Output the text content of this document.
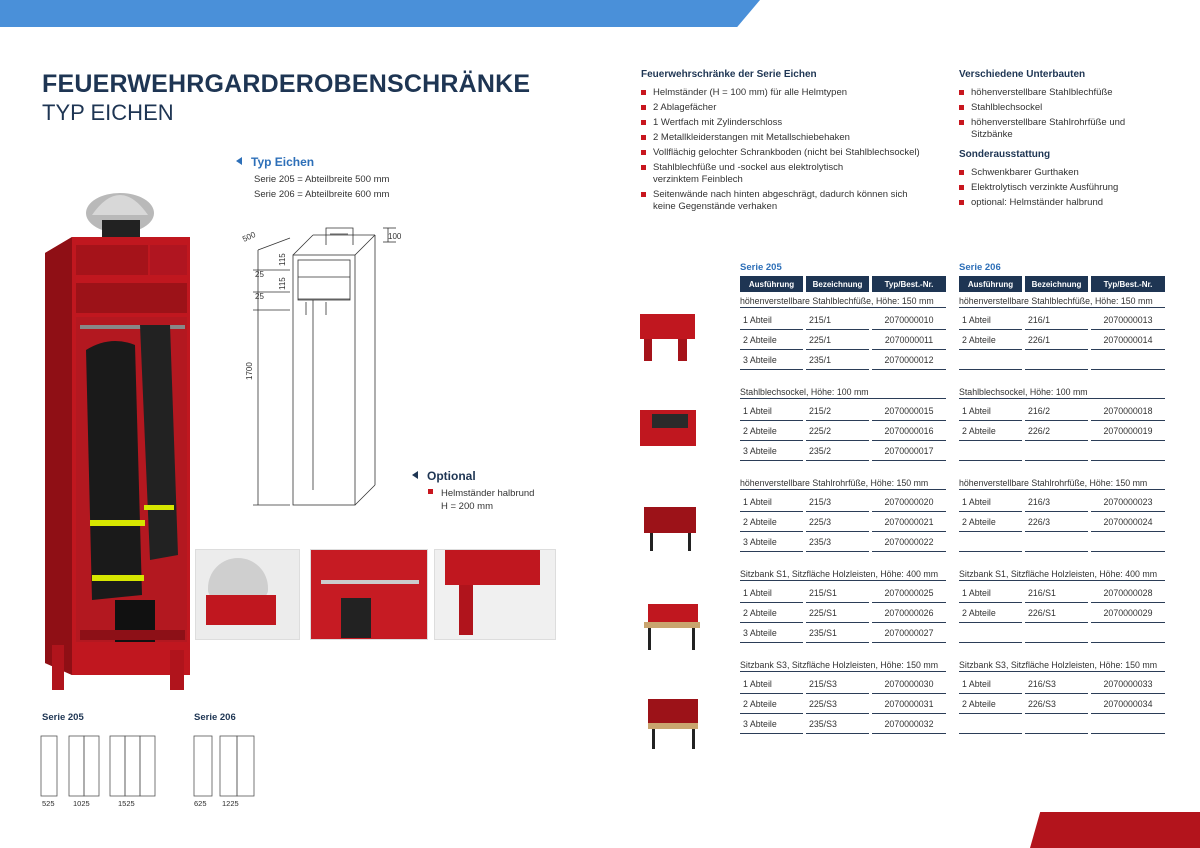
FEUERWEHRGARDEROBENSCHRÄNKE
TYP EICHEN
Typ Eichen
Serie 205 = Abteilbreite 500 mm
Serie 206 = Abteilbreite 600 mm
Optional
Helmständer halbrund
H = 200 mm
500	100
25
115
25
115
1700
Serie 205	Serie 206
525 1025	1525	625 1225
Feuerwehrschränke der Serie Eichen
Helmständer (H = 100 mm) für alle Helmtypen
2 Ablagefächer
1 Wertfach mit Zylinderschloss
2 Metallkleiderstangen mit Metallschiebehaken
Vollflächig gelochter Schrankboden (nicht bei Stahlblechsockel)
Stahlblechfüße und -sockel aus elektrolytisch verzinktem Feinblech
Seitenwände nach hinten abgeschrägt, dadurch können sich keine Gegenstände verhaken
Verschiedene Unterbauten
höhenverstellbare Stahlblechfüße
Stahlblechsockel
höhenverstellbare Stahlrohrfüße und Sitzbänke
Sonderausstattung
Schwenkbarer Gurthaken
Elektrolytisch verzinkte Ausführung
optional: Helmständer halbrund
Serie 205
Ausführung	Bezeichnung	Typ/Best.-Nr.
höhenverstellbare Stahlblechfüße, Höhe: 150 mm
1 Abteil	215/1	2070000010
2 Abteile	225/1	2070000011
3 Abteile	235/1	2070000012
Stahlblechsockel, Höhe: 100 mm
1 Abteil	215/2	2070000015
2 Abteile	225/2	2070000016
3 Abteile	235/2	2070000017
höhenverstellbare Stahlrohrfüße, Höhe: 150 mm
1 Abteil	215/3	2070000020
2 Abteile	225/3	2070000021
3 Abteile	235/3	2070000022
Sitzbank S1, Sitzfläche Holzleisten, Höhe: 400 mm
1 Abteil	215/S1	2070000025
2 Abteile	225/S1	2070000026
3 Abteile	235/S1	2070000027
Sitzbank S3, Sitzfläche Holzleisten, Höhe: 150 mm
1 Abteil	215/S3	2070000030
2 Abteile	225/S3	2070000031
3 Abteile	235/S3	2070000032
Serie 206
Ausführung	Bezeichnung	Typ/Best.-Nr.
höhenverstellbare Stahlblechfüße, Höhe: 150 mm
1 Abteil	216/1	2070000013
2 Abteile	226/1	2070000014
Stahlblechsockel, Höhe: 100 mm
1 Abteil	216/2	2070000018
2 Abteile	226/2	2070000019
höhenverstellbare Stahlrohrfüße, Höhe: 150 mm
1 Abteil	216/3	2070000023
2 Abteile	226/3	2070000024
Sitzbank S1, Sitzfläche Holzleisten, Höhe: 400 mm
1 Abteil	216/S1	2070000028
2 Abteile	226/S1	2070000029
Sitzbank S3, Sitzfläche Holzleisten, Höhe: 150 mm
1 Abteil	216/S3	2070000033
2 Abteile	226/S3	2070000034
